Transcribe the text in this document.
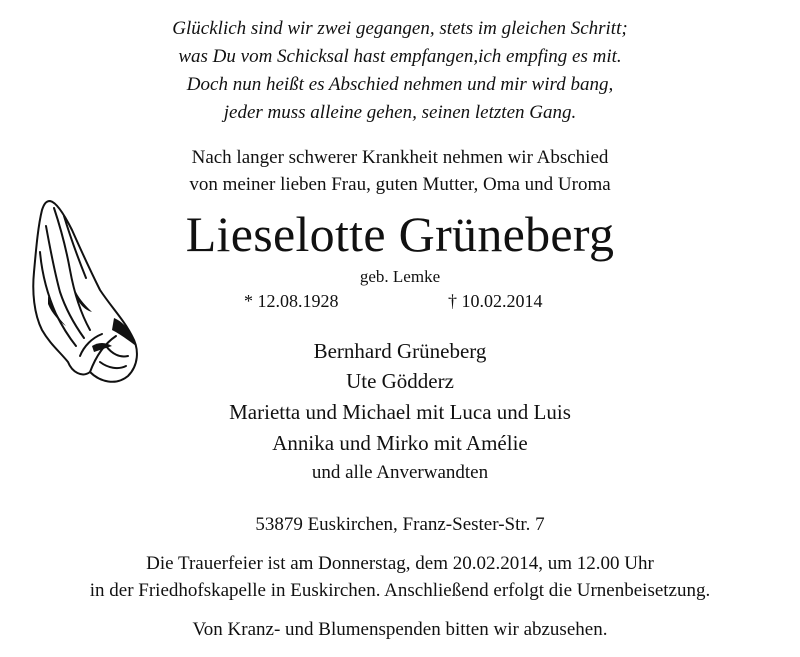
Glücklich sind wir zwei gegangen, stets im gleichen Schritt;
was Du vom Schicksal hast empfangen,ich empfing es mit.
Doch nun heißt es Abschied nehmen und mir wird bang,
jeder muss alleine gehen, seinen letzten Gang.
Nach langer schwerer Krankheit nehmen wir Abschied
von meiner lieben Frau, guten Mutter, Oma und Uroma
Lieselotte Grüneberg
geb. Lemke
* 12.08.1928	† 10.02.2014
Bernhard Grüneberg
Ute Gödderz
Marietta und Michael mit Luca und Luis
Annika und Mirko mit Amélie
und alle Anverwandten
53879 Euskirchen, Franz-Sester-Str. 7
Die Trauerfeier ist am Donnerstag, dem 20.02.2014, um 12.00 Uhr
in der Friedhofskapelle in Euskirchen. Anschließend erfolgt die Urnenbeisetzung.
Von Kranz- und Blumenspenden bitten wir abzusehen.
